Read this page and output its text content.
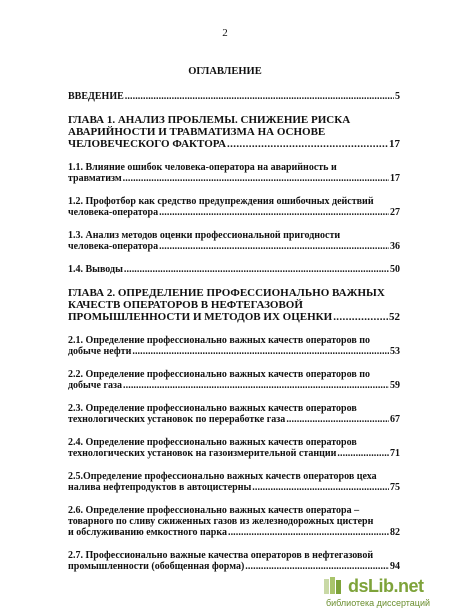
2
ОГЛАВЛЕНИЕ
ВВЕДЕНИЕ . . .	5
ГЛАВА 1. АНАЛИЗ ПРОБЛЕМЫ. СНИЖЕНИЕ РИСКА
АВАРИЙНОСТИ И ТРАВМАТИЗМА НА ОСНОВЕ
ЧЕЛОВЕЧЕСКОГО ФАКТОРА . . .	17
1.1. Влияние ошибок человека-оператора на аварийность и
травматизм . . .	17
1.2. Профотбор как средство предупреждения ошибочных действий
человека-оператора . . .	27
1.3. Анализ методов оценки профессиональной пригодности
человека-оператора . . .	36
1.4. Выводы . . .	50
ГЛАВА 2. ОПРЕДЕЛЕНИЕ ПРОФЕССИОНАЛЬНО ВАЖНЫХ
КАЧЕСТВ ОПЕРАТОРОВ В НЕФТЕГАЗОВОЙ
ПРОМЫШЛЕННОСТИ И МЕТОДОВ ИХ ОЦЕНКИ . . .	52
2.1. Определение профессионально важных качеств операторов по
добыче нефти . . .	53
2.2. Определение профессионально важных качеств операторов по
добыче газа . . .	59
2.3. Определение профессионально важных качеств операторов
технологических установок по переработке газа . . .	67
2.4. Определение профессионально важных качеств операторов
технологических установок на газоизмерительной станции . . .	71
2.5.Определение профессионально важных качеств операторов цеха
налива нефтепродуктов в автоцистерны . . .	75
2.6. Определение профессионально важных качеств оператора –
товарного по сливу сжиженных газов из железнодорожных цистерн
и обслуживанию емкостного парка . . .	82
2.7. Профессионально важные качества операторов в нефтегазовой
промышленности (обобщенная форма) . . .	94
dsLib.net
библиотека диссертаций
